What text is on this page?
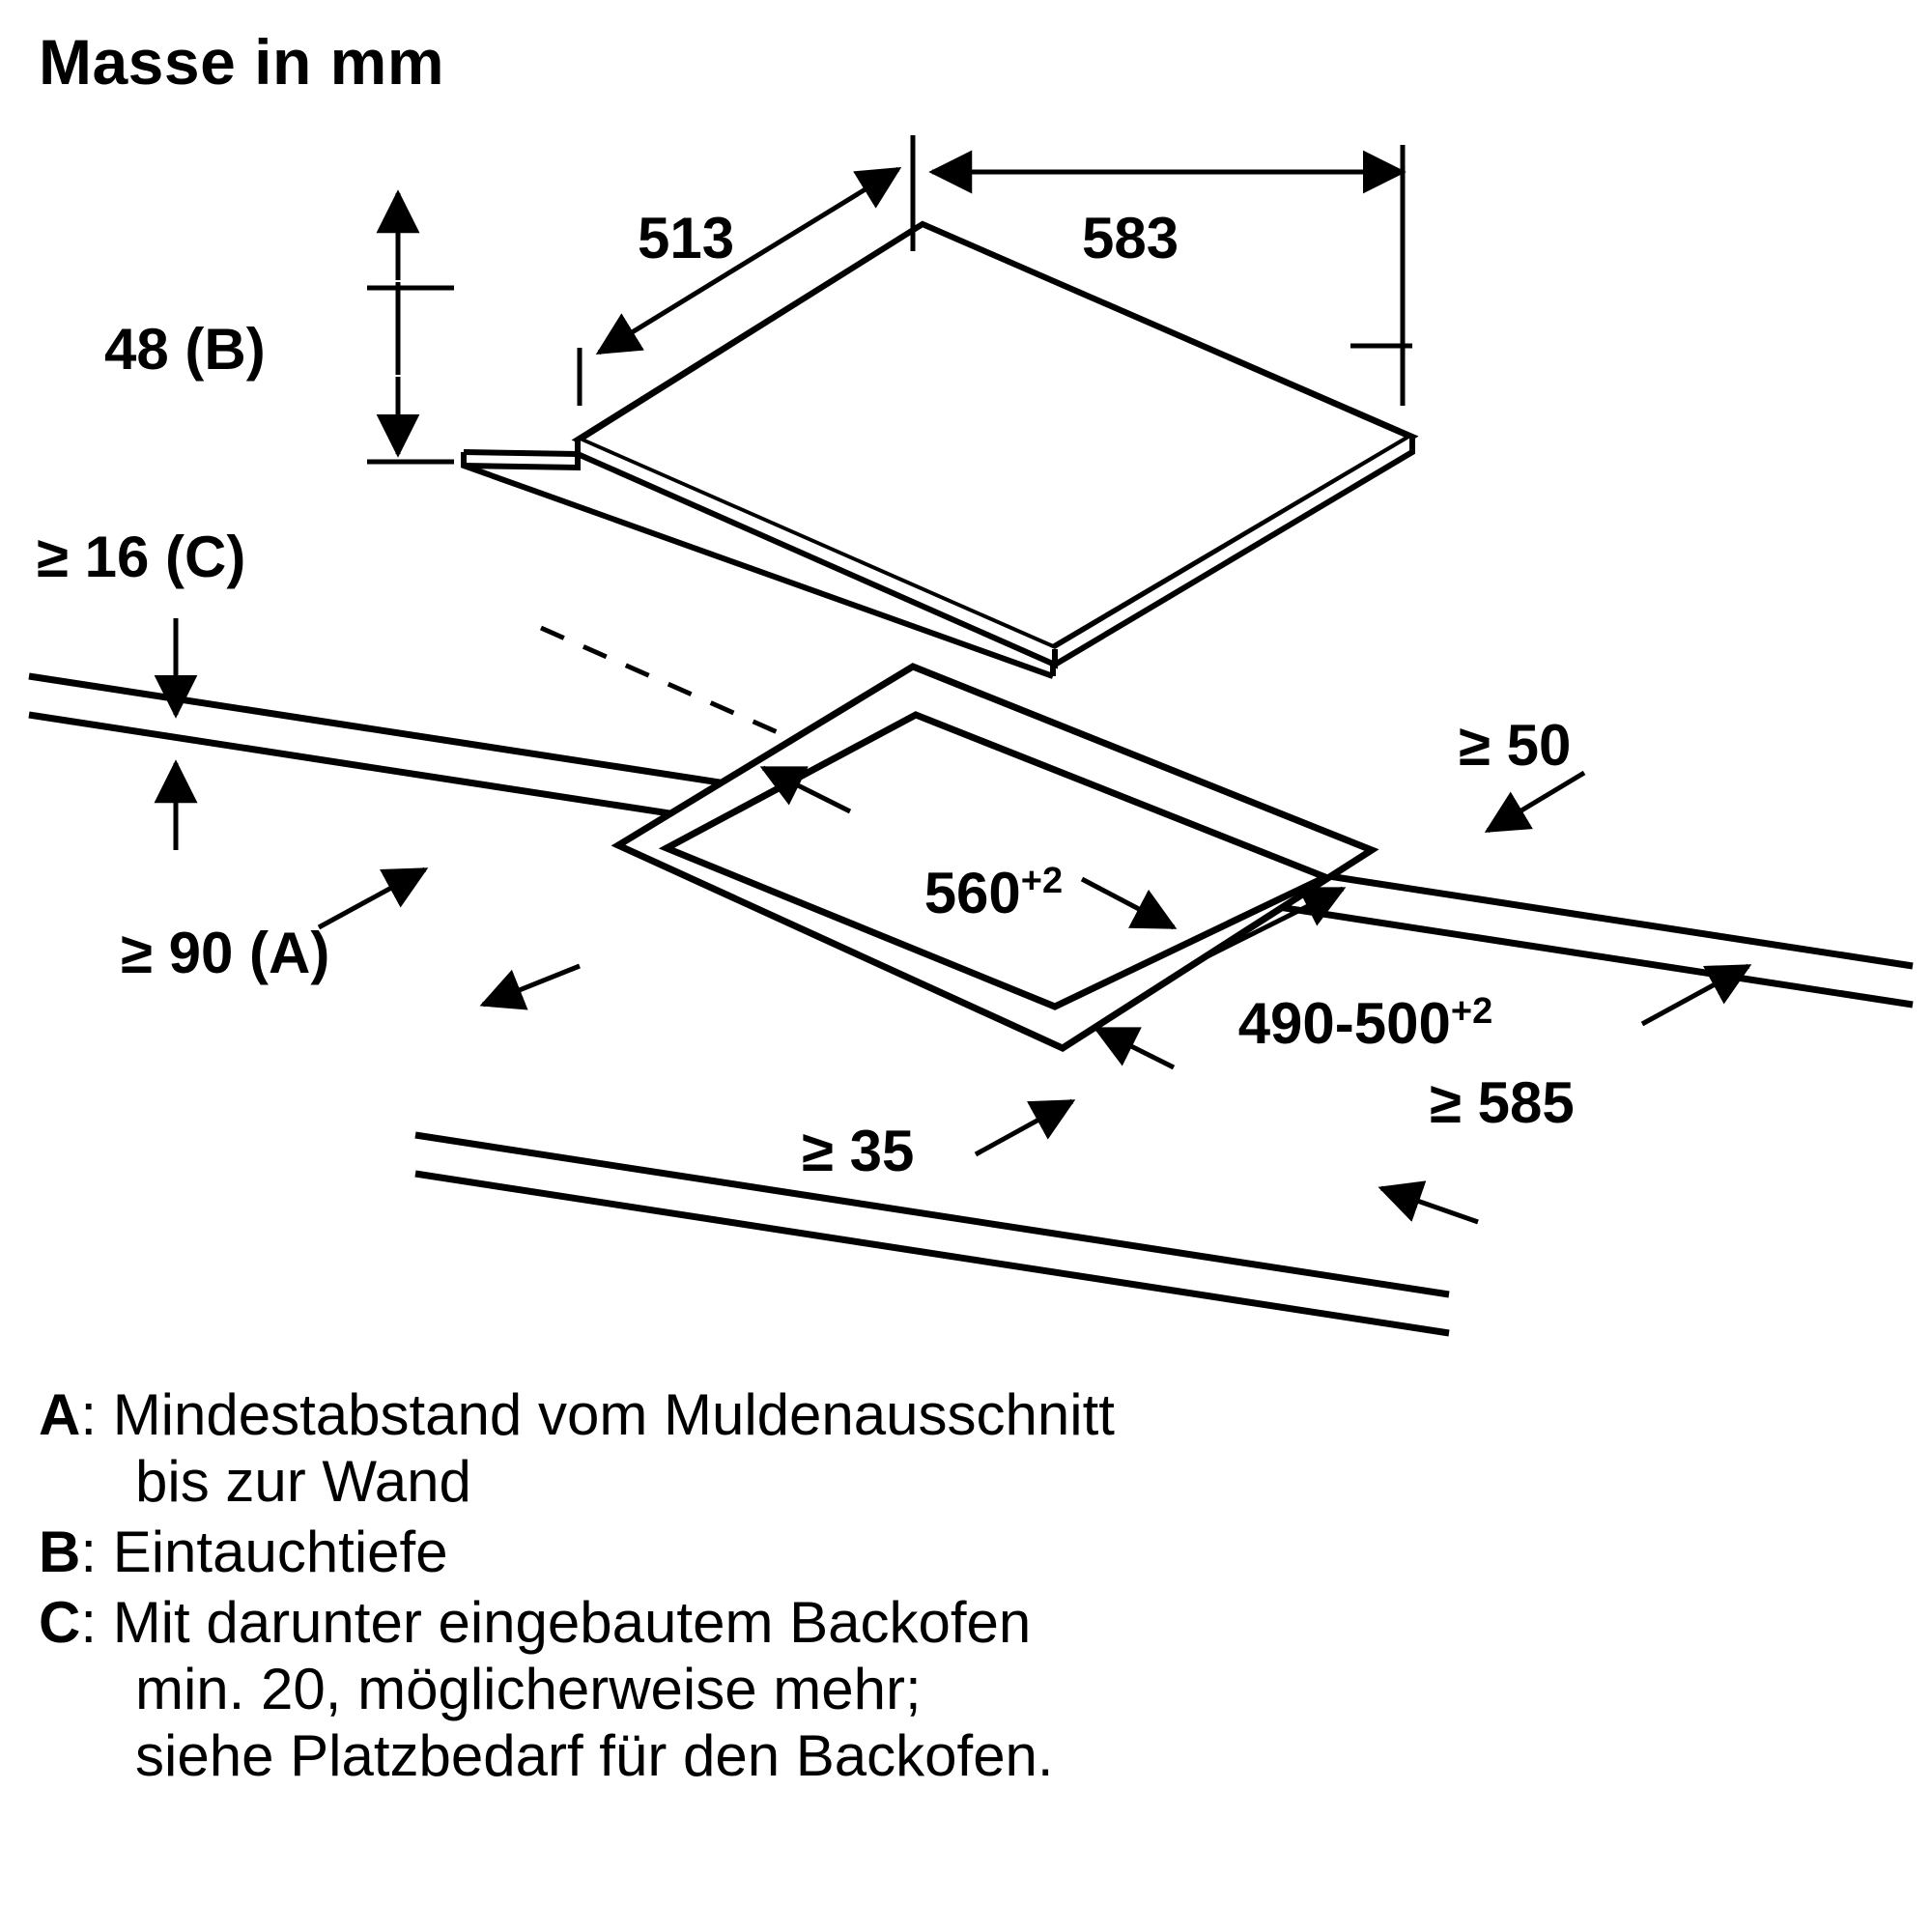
Masse in mm
513	583
48 (B)
≥ 16 (C)
≥ 90 (A)

$560^{+2}$

$490-500^{+2}$

≥ 50
≥ 585
≥ 35
A: Mindestabstand vom Muldenausschnitt
bis zur Wand
B: Eintauchtiefe
C: Mit darunter eingebautem Backofen
min. 20, möglicherweise mehr;
siehe Platzbedarf für den Backofen.
